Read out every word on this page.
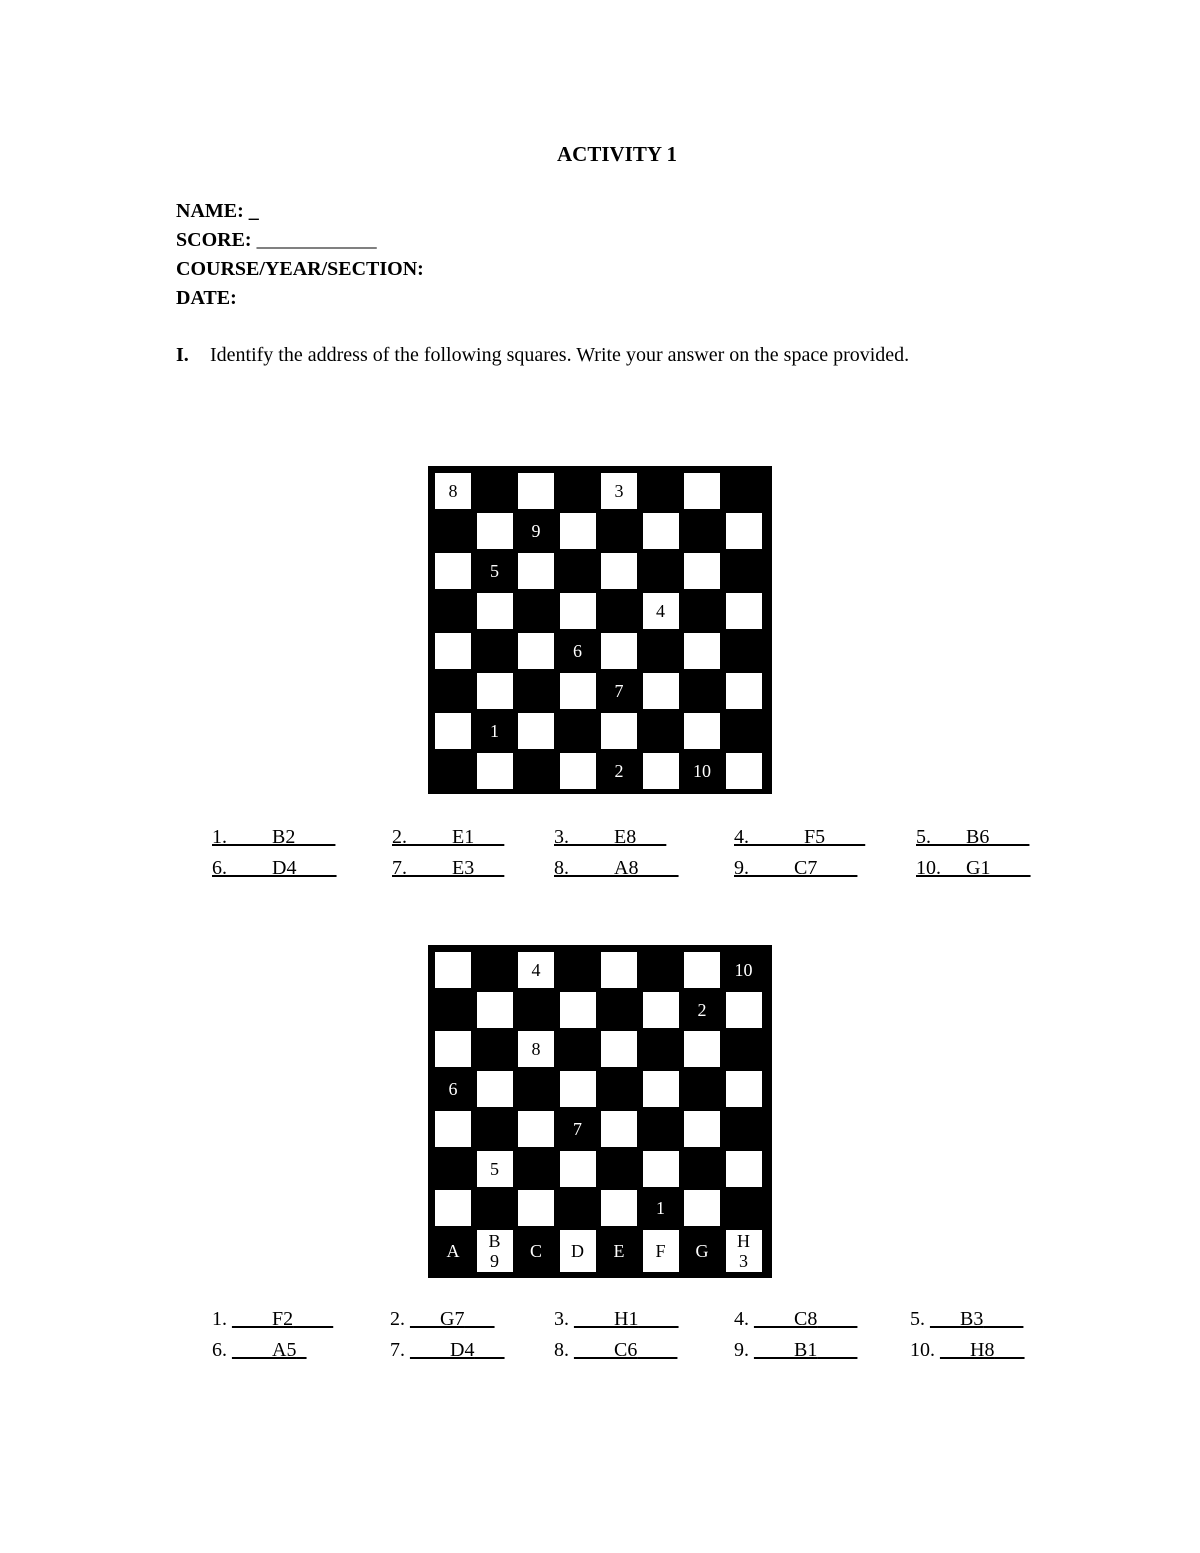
ACTIVITY 1
NAME: _
SCORE: ____________
COURSE/YEAR/SECTION:
DATE:
I. Identify the address of the following squares. Write your answer on the space provided.
8	3
9
5
4
6
7
1
2	10
1. ____B2____	2. ____E1___ 3. ____E8___	4. _____F5____	5. ___B6____
6. ____D4____	7. ____E3___ 8. ____A8____	9. ____C7____	10. __G1____
A	B	C	D	E	F	G	H
4	10
2
8
6
7
5
1
9	3
1. ____F2____	2. ___G7___	3. ____H1____	4. ____C8____	5. ___B3____
6. ____A5_	7. ____D4___ 8. ____C6____	9. ____B1____	10. ___H8___
